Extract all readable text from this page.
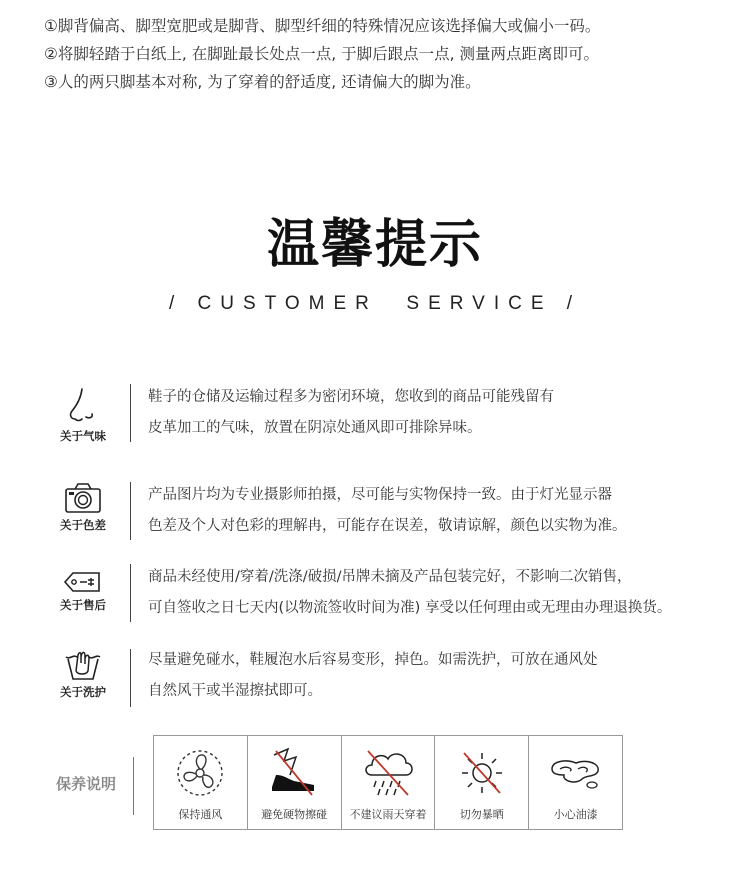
①脚背偏高、脚型宽肥或是脚背、脚型纤细的特殊情况应该选择偏大或偏小一码。
②将脚轻踏于白纸上, 在脚趾最长处点一点, 于脚后跟点一点, 测量两点距离即可。
③人的两只脚基本对称, 为了穿着的舒适度, 还请偏大的脚为准。
温馨提示
/ CUSTOMER  SERVICE /
关于气味
鞋子的仓储及运输过程多为密闭环境，您收到的商品可能残留有
皮革加工的气味，放置在阴凉处通风即可排除异味。
关于色差
产品图片均为专业摄影师拍摄，尽可能与实物保持一致。由于灯光显示器
色差及个人对色彩的理解冉，可能存在误差，敬请谅解，颜色以实物为准。
关于售后
商品未经使用/穿着/洗涤/破损/吊牌未摘及产品包装完好，不影响二次销售，
可自签收之日七天内(以物流签收时间为准) 享受以任何理由或无理由办理退换货。
关于洗护
尽量避免碰水，鞋履泡水后容易变形，掉色。如需洗护，可放在通风处
自然风干或半湿擦拭即可。
保养说明
保持通风	避免硬物擦碰	不建议雨天穿着	切勿暴晒	小心油漆
